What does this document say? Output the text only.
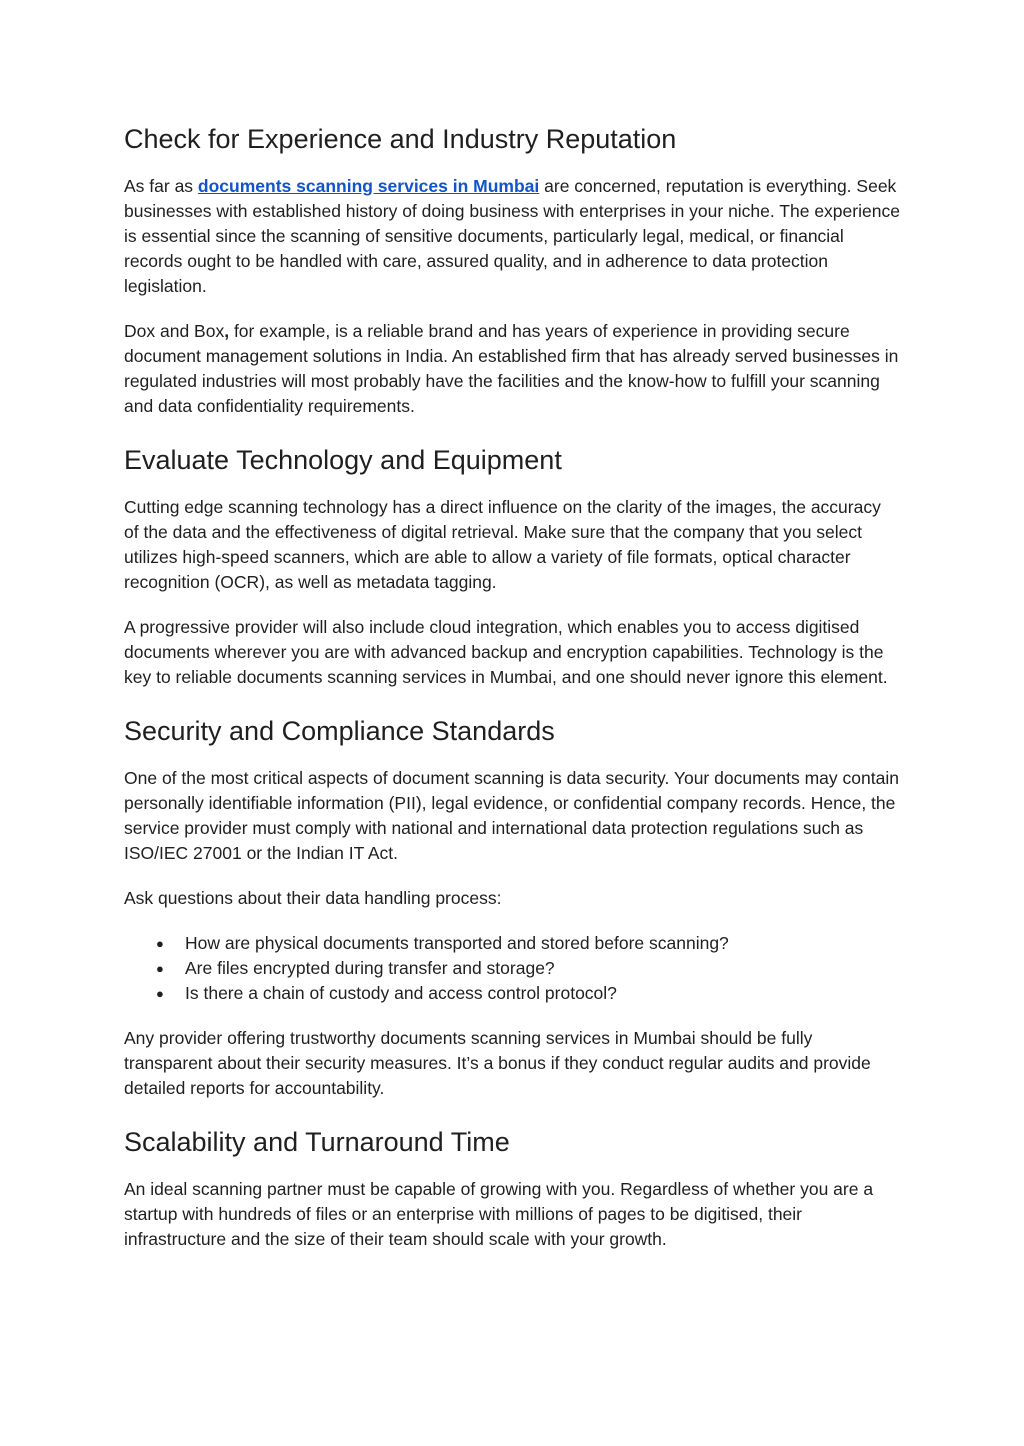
Check for Experience and Industry Reputation

As far as documents scanning services in Mumbai are concerned, reputation is everything. Seek businesses with established history of doing business with enterprises in your niche. The experience is essential since the scanning of sensitive documents, particularly legal, medical, or financial records ought to be handled with care, assured quality, and in adherence to data protection legislation.

Dox and Box, for example, is a reliable brand and has years of experience in providing secure document management solutions in India. An established firm that has already served businesses in regulated industries will most probably have the facilities and the know-how to fulfill your scanning and data confidentiality requirements.

Evaluate Technology and Equipment

Cutting edge scanning technology has a direct influence on the clarity of the images, the accuracy of the data and the effectiveness of digital retrieval. Make sure that the company that you select utilizes high-speed scanners, which are able to allow a variety of file formats, optical character recognition (OCR), as well as metadata tagging.

A progressive provider will also include cloud integration, which enables you to access digitised documents wherever you are with advanced backup and encryption capabilities. Technology is the key to reliable documents scanning services in Mumbai, and one should never ignore this element.

Security and Compliance Standards

One of the most critical aspects of document scanning is data security. Your documents may contain personally identifiable information (PII), legal evidence, or confidential company records. Hence, the service provider must comply with national and international data protection regulations such as ISO/IEC 27001 or the Indian IT Act.

Ask questions about their data handling process:

● How are physical documents transported and stored before scanning?
● Are files encrypted during transfer and storage?
● Is there a chain of custody and access control protocol?

Any provider offering trustworthy documents scanning services in Mumbai should be fully transparent about their security measures. It’s a bonus if they conduct regular audits and provide detailed reports for accountability.

Scalability and Turnaround Time

An ideal scanning partner must be capable of growing with you. Regardless of whether you are a startup with hundreds of files or an enterprise with millions of pages to be digitised, their infrastructure and the size of their team should scale with your growth.
